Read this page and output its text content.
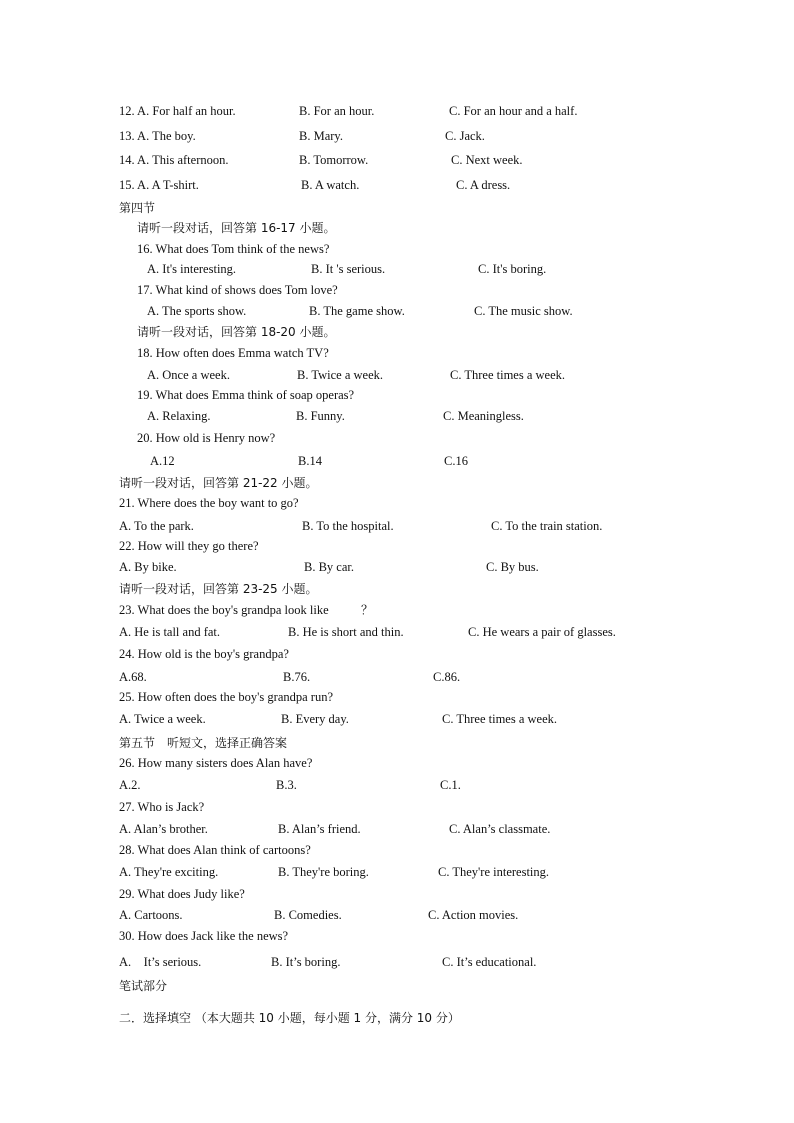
12. A. For half an hour.	B. For an hour.	C. For an hour and a half.
13. A. The boy.	B. Mary.	C. Jack.
14. A. This afternoon.	B. Tomorrow.	C. Next week.
15. A. A T-shirt.	B. A watch.	C. A dress.
第四节
请听一段对话，回答第 16-17 小题。
16. What does Tom think of the news?
A. It's interesting.	B. It 's serious.	C. It's boring.
17. What kind of shows does Tom love?
A. The sports show.	B. The game show.	C. The music show.
请听一段对话，回答第 18-20 小题。
18. How often does Emma watch TV?
A. Once a week.	B. Twice a week.	C. Three times a week.
19. What does Emma think of soap operas?
A. Relaxing.	B. Funny.	C. Meaningless.
20. How old is Henry now?
A.12	B.14	C.16
请听一段对话，回答第 21-22 小题。
21. Where does the boy want to go?
A. To the park.	B. To the hospital.	C. To the train station.
22. How will they go there?
A. By bike.	B. By car.	C. By bus.
请听一段对话，回答第 23-25 小题。
23. What does the boy's grandpa look like	？
A. He is tall and fat.	B. He is short and thin.	C. He wears a pair of glasses.
24. How old is the boy's grandpa?
A.68.	B.76.	C.86.
25. How often does the boy's grandpa run?
A. Twice a week.	B. Every day.	C. Three times a week.
第五节　听短文，选择正确答案
26. How many sisters does Alan have?
A.2.	B.3.	C.1.
27. Who is Jack?
A. Alan’s brother.	B. Alan’s friend.	C. Alan’s classmate.
28. What does Alan think of cartoons?
A. They're exciting.	B. They're boring.	C. They're interesting.
29. What does Judy like?
A. Cartoons.	B. Comedies.	C. Action movies.
30. How does Jack like the news?
A.　It’s serious.	B. It’s boring.	C. It’s educational.
笔试部分
二．选择填空 （本大题共 10 小题，每小题 1 分，满分 10 分）
